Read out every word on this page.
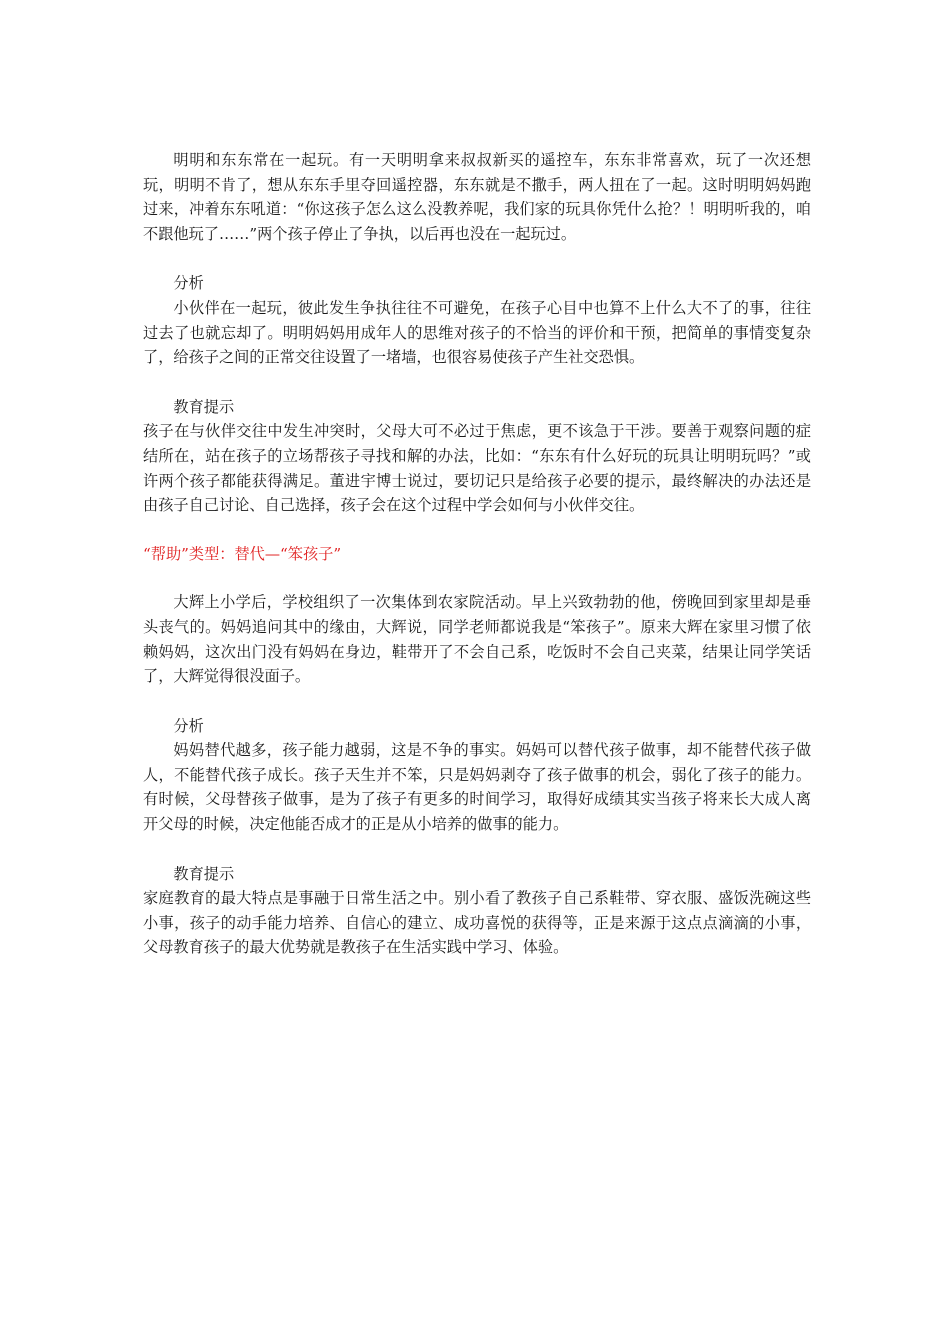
明明和东东常在一起玩。有一天明明拿来叔叔新买的遥控车，东东非常喜欢，玩了一次还想玩，明明不肯了，想从东东手里夺回遥控器，东东就是不撒手，两人扭在了一起。这时明明妈妈跑过来，冲着东东吼道：“你这孩子怎么这么没教养呢，我们家的玩具你凭什么抢？！明明听我的，咱不跟他玩了……”两个孩子停止了争执，以后再也没在一起玩过。

分析

小伙伴在一起玩，彼此发生争执往往不可避免，在孩子心目中也算不上什么大不了的事，往往过去了也就忘却了。明明妈妈用成年人的思维对孩子的不恰当的评价和干预，把简单的事情变复杂了，给孩子之间的正常交往设置了一堵墙，也很容易使孩子产生社交恐惧。

教育提示

孩子在与伙伴交往中发生冲突时，父母大可不必过于焦虑，更不该急于干涉。要善于观察问题的症结所在，站在孩子的立场帮孩子寻找和解的办法，比如：“东东有什么好玩的玩具让明明玩吗？”或许两个孩子都能获得满足。董进宇博士说过，要切记只是给孩子必要的提示，最终解决的办法还是由孩子自己讨论、自己选择，孩子会在这个过程中学会如何与小伙伴交往。

“帮助”类型：替代—“笨孩子”

大辉上小学后，学校组织了一次集体到农家院活动。早上兴致勃勃的他，傍晚回到家里却是垂头丧气的。妈妈追问其中的缘由，大辉说，同学老师都说我是“笨孩子”。原来大辉在家里习惯了依赖妈妈，这次出门没有妈妈在身边，鞋带开了不会自己系，吃饭时不会自己夹菜，结果让同学笑话了，大辉觉得很没面子。

分析

妈妈替代越多，孩子能力越弱，这是不争的事实。妈妈可以替代孩子做事，却不能替代孩子做人，不能替代孩子成长。孩子天生并不笨，只是妈妈剥夺了孩子做事的机会，弱化了孩子的能力。有时候，父母替孩子做事，是为了孩子有更多的时间学习，取得好成绩其实当孩子将来长大成人离开父母的时候，决定他能否成才的正是从小培养的做事的能力。

教育提示

家庭教育的最大特点是事融于日常生活之中。别小看了教孩子自己系鞋带、穿衣服、盛饭洗碗这些小事，孩子的动手能力培养、自信心的建立、成功喜悦的获得等，正是来源于这点点滴滴的小事，父母教育孩子的最大优势就是教孩子在生活实践中学习、体验。
